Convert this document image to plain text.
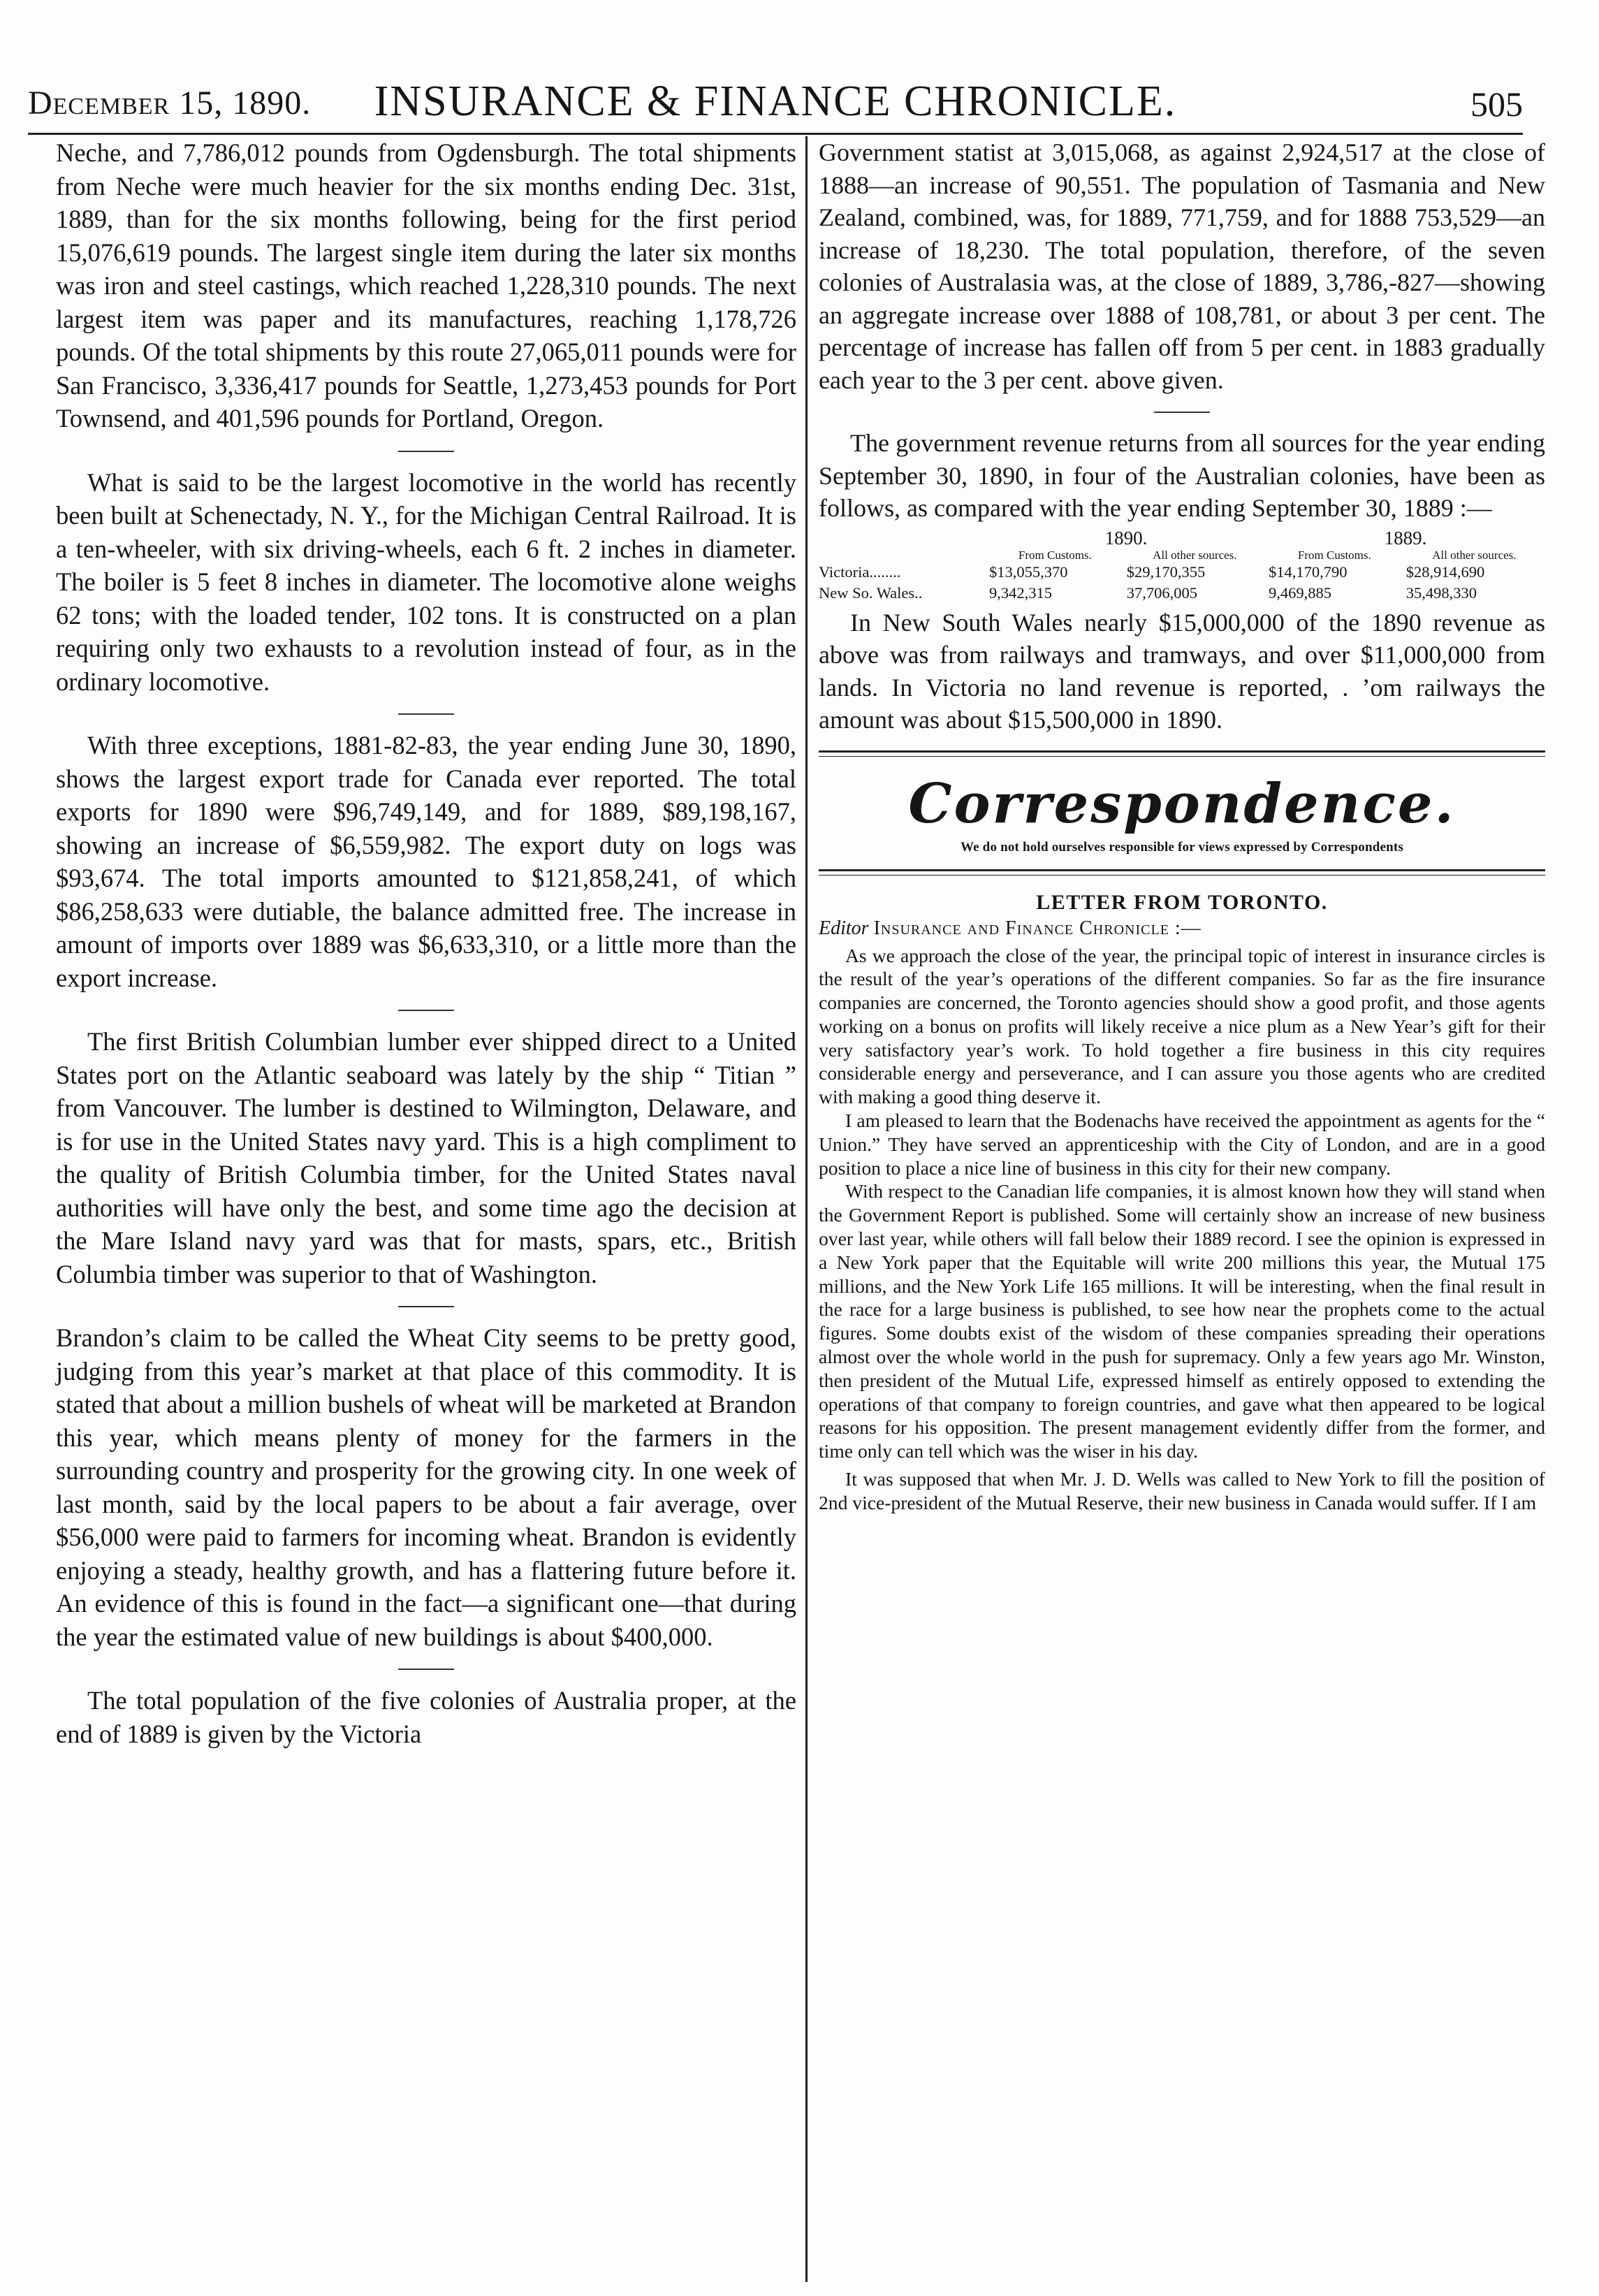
December 15, 1890.	INSURANCE & FINANCE CHRONICLE.	505

Neche, and 7,786,012 pounds from Ogdensburgh. The total shipments from Neche were much heavier for the six months ending Dec. 31st, 1889, than for the six months following, being for the first period 15,076,619 pounds. The largest single item during the later six months was iron and steel castings, which reached 1,228,310 pounds. The next largest item was paper and its manufactures, reaching 1,178,726 pounds. Of the total shipments by this route 27,065,011 pounds were for San Francisco, 3,336,417 pounds for Seattle, 1,273,453 pounds for Port Townsend, and 401,596 pounds for Portland, Oregon.

What is said to be the largest locomotive in the world has recently been built at Schenectady, N. Y., for the Michigan Central Railroad. It is a ten-wheeler, with six driving-wheels, each 6 ft. 2 inches in diameter. The boiler is 5 feet 8 inches in diameter. The locomotive alone weighs 62 tons; with the loaded tender, 102 tons. It is constructed on a plan requiring only two exhausts to a revolution instead of four, as in the ordinary locomotive.

With three exceptions, 1881-82-83, the year ending June 30, 1890, shows the largest export trade for Canada ever reported. The total exports for 1890 were $96,749,149, and for 1889, $89,198,167, showing an increase of $6,559,982. The export duty on logs was $93,674. The total imports amounted to $121,858,241, of which $86,258,633 were dutiable, the balance admitted free. The increase in amount of imports over 1889 was $6,633,310, or a little more than the export increase.

The first British Columbian lumber ever shipped direct to a United States port on the Atlantic seaboard was lately by the ship “ Titian ” from Vancouver. The lumber is destined to Wilmington, Delaware, and is for use in the United States navy yard. This is a high compliment to the quality of British Columbia timber, for the United States naval authorities will have only the best, and some time ago the decision at the Mare Island navy yard was that for masts, spars, etc., British Columbia timber was superior to that of Washington.

Brandon’s claim to be called the Wheat City seems to be pretty good, judging from this year’s market at that place of this commodity. It is stated that about a million bushels of wheat will be marketed at Brandon this year, which means plenty of money for the farmers in the surrounding country and prosperity for the growing city. In one week of last month, said by the local papers to be about a fair average, over $56,000 were paid to farmers for incoming wheat. Brandon is evidently enjoying a steady, healthy growth, and has a flattering future before it. An evidence of this is found in the fact—a significant one—that during the year the estimated value of new buildings is about $400,000.

The total population of the five colonies of Australia proper, at the end of 1889 is given by the Victoria

Government statist at 3,015,068, as against 2,924,517 at the close of 1888—an increase of 90,551. The population of Tasmania and New Zealand, combined, was, for 1889, 771,759, and for 1888 753,529—an increase of 18,230. The total population, therefore, of the seven colonies of Australasia was, at the close of 1889, 3,786,-827—showing an aggregate increase over 1888 of 108,781, or about 3 per cent. The percentage of increase has fallen off from 5 per cent. in 1883 gradually each year to the 3 per cent. above given.

The government revenue returns from all sources for the year ending September 30, 1890, in four of the Australian colonies, have been as follows, as compared with the year ending September 30, 1889 :—

	1890.		1889.	
	From Customs.	All other sources.	From Customs.	All other sources.
Victoria........	$13,055,370	$29,170,355	$14,170,790	$28,914,690
New So. Wales..	9,342,315	37,706,005	9,469,885	35,498,330

In New South Wales nearly $15,000,000 of the 1890 revenue as above was from railways and tramways, and over $11,000,000 from lands. In Victoria no land revenue is reported, . ’om railways the amount was about $15,500,000 in 1890.

Correspondence.
We do not hold ourselves responsible for views expressed by Correspondents
LETTER FROM TORONTO.
Editor Insurance and Finance Chronicle :—

As we approach the close of the year, the principal topic of interest in insurance circles is the result of the year’s operations of the different companies. So far as the fire insurance companies are concerned, the Toronto agencies should show a good profit, and those agents working on a bonus on profits will likely receive a nice plum as a New Year’s gift for their very satisfactory year’s work. To hold together a fire business in this city requires considerable energy and perseverance, and I can assure you those agents who are credited with making a good thing deserve it.

I am pleased to learn that the Bodenachs have received the appointment as agents for the “ Union.” They have served an apprenticeship with the City of London, and are in a good position to place a nice line of business in this city for their new company.

With respect to the Canadian life companies, it is almost known how they will stand when the Government Report is published. Some will certainly show an increase of new business over last year, while others will fall below their 1889 record. I see the opinion is expressed in a New York paper that the Equitable will write 200 millions this year, the Mutual 175 millions, and the New York Life 165 millions. It will be interesting, when the final result in the race for a large business is published, to see how near the prophets come to the actual figures. Some doubts exist of the wisdom of these companies spreading their operations almost over the whole world in the push for supremacy. Only a few years ago Mr. Winston, then president of the Mutual Life, expressed himself as entirely opposed to extending the operations of that company to foreign countries, and gave what then appeared to be logical reasons for his opposition. The present management evidently differ from the former, and time only can tell which was the wiser in his day.

It was supposed that when Mr. J. D. Wells was called to New York to fill the position of 2nd vice-president of the Mutual Reserve, their new business in Canada would suffer. If I am
